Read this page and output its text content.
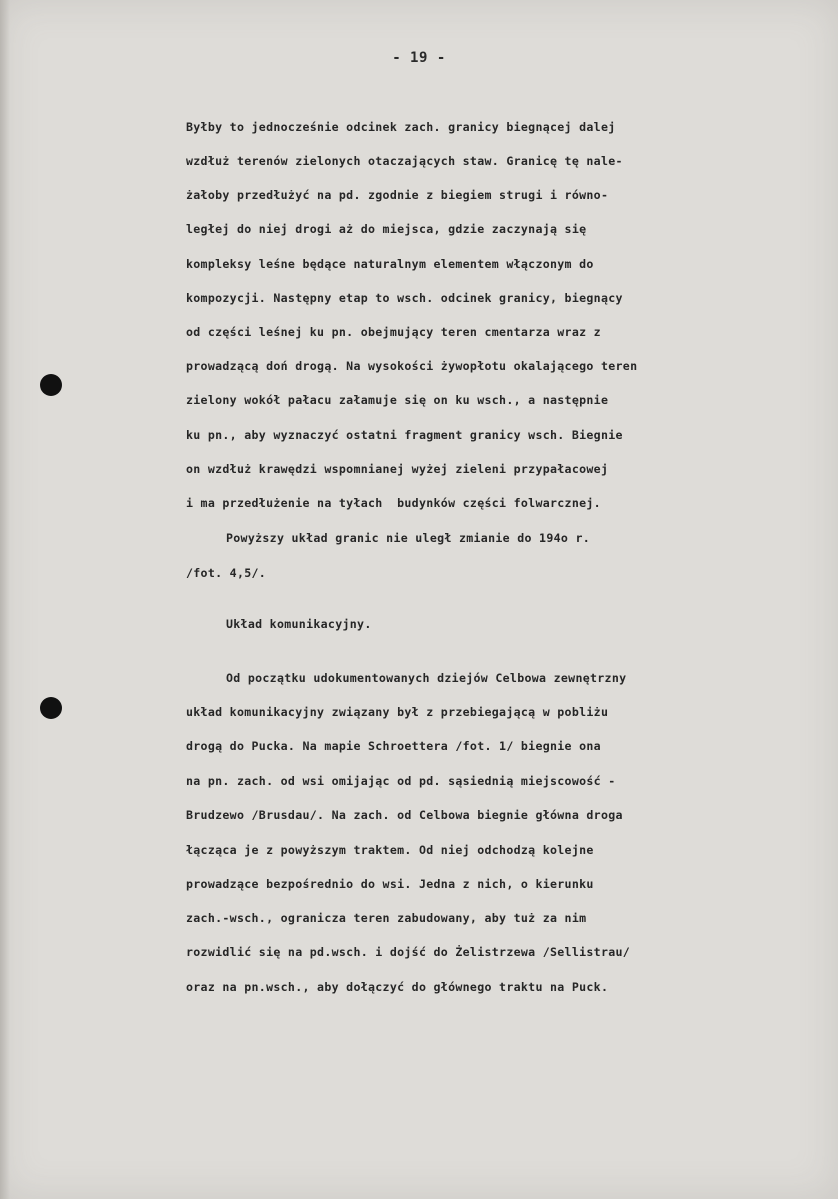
- 19 -
Byłby to jednocześnie odcinek zach. granicy biegnącej dalej
wzdłuż terenów zielonych otaczających staw. Granicę tę nale-
żałoby przedłużyć na pd. zgodnie z biegiem strugi i równo-
ległej do niej drogi aż do miejsca, gdzie zaczynają się
kompleksy leśne będące naturalnym elementem włączonym do
kompozycji. Następny etap to wsch. odcinek granicy, biegnący
od części leśnej ku pn. obejmujący teren cmentarza wraz z
prowadzącą doń drogą. Na wysokości żywopłotu okalającego teren
zielony wokół pałacu załamuje się on ku wsch., a następnie
ku pn., aby wyznaczyć ostatni fragment granicy wsch. Biegnie
on wzdłuż krawędzi wspomnianej wyżej zieleni przypałacowej
i ma przedłużenie na tyłach  budynków części folwarcznej.
Powyższy układ granic nie uległ zmianie do 194o r.
/fot. 4,5/.
Układ komunikacyjny.
Od początku udokumentowanych dziejów Celbowa zewnętrzny
układ komunikacyjny związany był z przebiegającą w pobliżu
drogą do Pucka. Na mapie Schroettera /fot. 1/ biegnie ona
na pn. zach. od wsi omijając od pd. sąsiednią miejscowość -
Brudzewo /Brusdau/. Na zach. od Celbowa biegnie główna droga
łącząca je z powyższym traktem. Od niej odchodzą kolejne
prowadzące bezpośrednio do wsi. Jedna z nich, o kierunku
zach.-wsch., ogranicza teren zabudowany, aby tuż za nim
rozwidlić się na pd.wsch. i dojść do Żelistrzewa /Sellistrau/
oraz na pn.wsch., aby dołączyć do głównego traktu na Puck.
